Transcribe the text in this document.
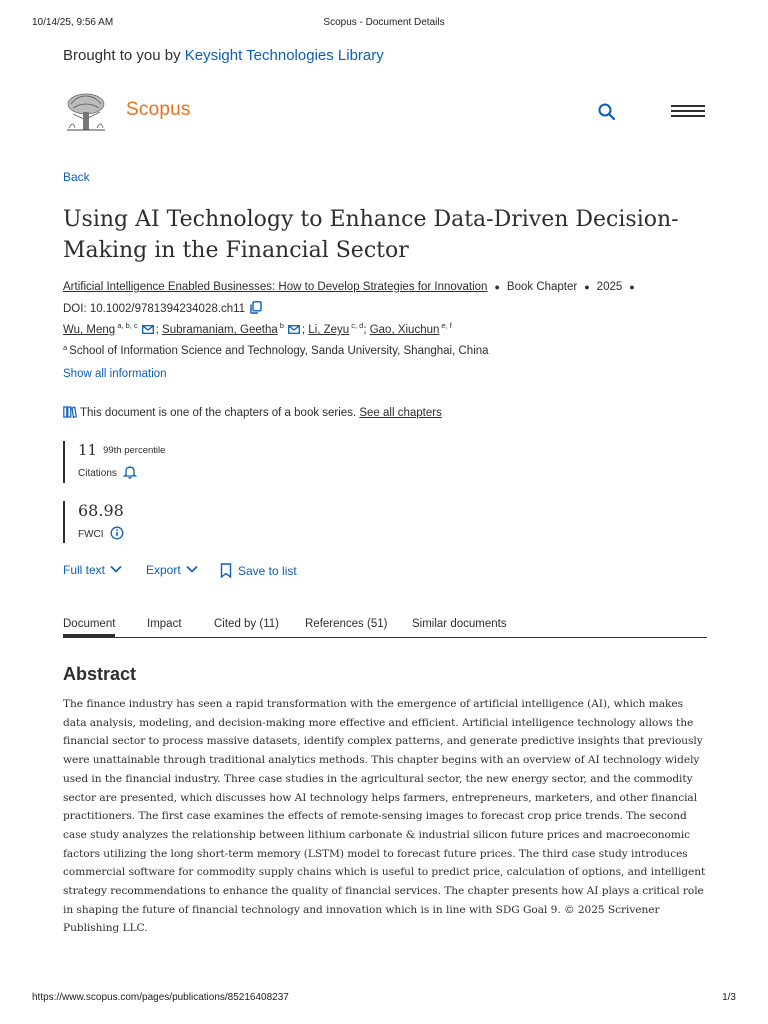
10/14/25, 9:56 AM	Scopus - Document Details
Brought to you by Keysight Technologies Library
Scopus
Back
Using AI Technology to Enhance Data-Driven Decision-Making in the Financial Sector
Artificial Intelligence Enabled Businesses: How to Develop Strategies for Innovation ● Book Chapter ● 2025 ●
DOI: 10.1002/9781394234028.ch11
Wu, Meng $^{a, b, c}$ ; Subramaniam, Geetha $^b$ ; Li, Zeyu $^{c, d}$; Gao, Xiuchun $^{e, f}$
$^a$ School of Information Science and Technology, Sanda University, Shanghai, China
Show all information
This document is one of the chapters of a book series. See all chapters
11 99th percentile
Citations
68.98
FWCI
Full text	Export	Save to list
Document	Impact	Cited by (11) References (51) Similar documents
Abstract

The finance industry has seen a rapid transformation with the emergence of artificial intelligence (AI), which makes data analysis, modeling, and decision-making more effective and efficient. Artificial intelligence technology allows the financial sector to process massive datasets, identify complex patterns, and generate predictive insights that previously were unattainable through traditional analytics methods. This chapter begins with an overview of AI technology widely used in the financial industry. Three case studies in the agricultural sector, the new energy sector, and the commodity sector are presented, which discusses how AI technology helps farmers, entrepreneurs, marketers, and other financial practitioners. The first case examines the effects of remote-sensing images to forecast crop price trends. The second case study analyzes the relationship between lithium carbonate & industrial silicon future prices and macroeconomic factors utilizing the long short-term memory (LSTM) model to forecast future prices. The third case study introduces commercial software for commodity supply chains which is useful to predict price, calculation of options, and intelligent strategy recommendations to enhance the quality of financial services. The chapter presents how AI plays a critical role in shaping the future of financial technology and innovation which is in line with SDG Goal 9. © 2025 Scrivener Publishing LLC.

https://www.scopus.com/pages/publications/85216408237	1/3
